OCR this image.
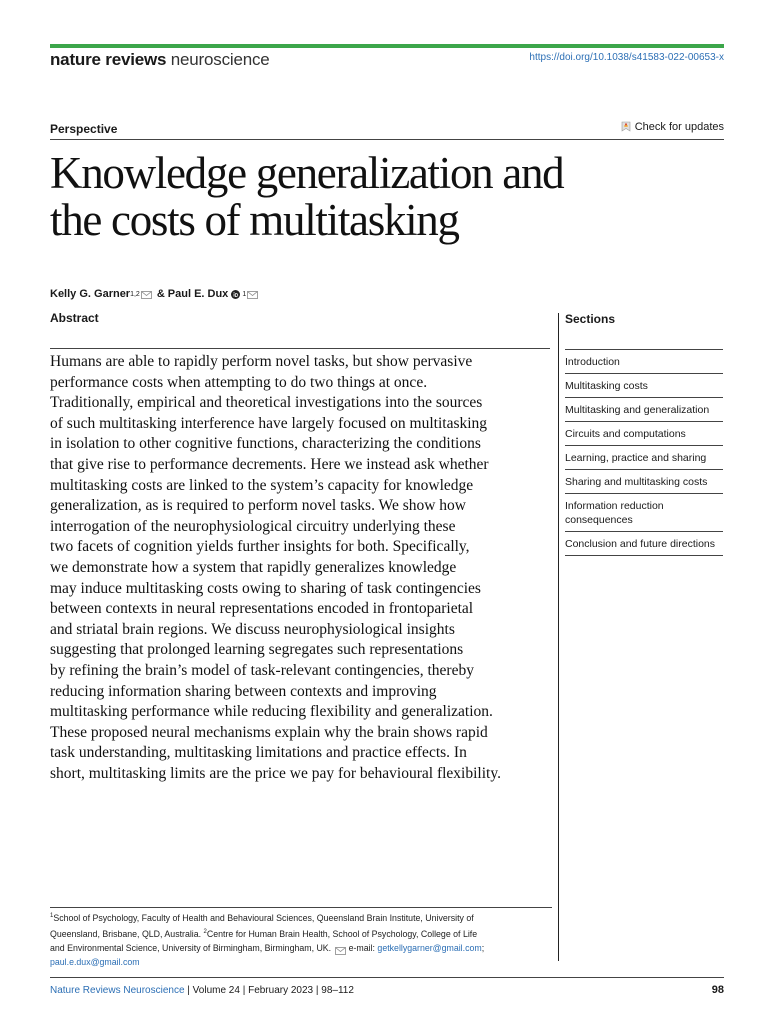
nature reviews neuroscience	https://doi.org/10.1038/s41583-022-00653-x
Perspective	Check for updates
Knowledge generalization and
the costs of multitasking
Kelly G. Garner 1,2 & Paul E. Dux 1
Abstract

Humans are able to rapidly perform novel tasks, but show pervasive
performance costs when attempting to do two things at once.
Traditionally, empirical and theoretical investigations into the sources
of such multitasking interference have largely focused on multitasking
in isolation to other cognitive functions, characterizing the conditions
that give rise to performance decrements. Here we instead ask whether
multitasking costs are linked to the system’s capacity for knowledge
generalization, as is required to perform novel tasks. We show how
interrogation of the neurophysiological circuitry underlying these
two facets of cognition yields further insights for both. Specifically,
we demonstrate how a system that rapidly generalizes knowledge
may induce multitasking costs owing to sharing of task contingencies
between contexts in neural representations encoded in frontoparietal
and striatal brain regions. We discuss neurophysiological insights
suggesting that prolonged learning segregates such representations
by refining the brain’s model of task-relevant contingencies, thereby
reducing information sharing between contexts and improving
multitasking performance while reducing flexibility and generalization.
These proposed neural mechanisms explain why the brain shows rapid
task understanding, multitasking limitations and practice effects. In
short, multitasking limits are the price we pay for behavioural flexibility.

Sections
Introduction
Multitasking costs
Multitasking and generalization
Circuits and computations
Learning, practice and sharing
Sharing and multitasking costs
Information reduction consequences
Conclusion and future directions
$^1$School of Psychology, Faculty of Health and Behavioural Sciences, Queensland Brain Institute, University of
Queensland, Brisbane, QLD, Australia. $^2$Centre for Human Brain Health, School of Psychology, College of Life
and Environmental Science, University of Birmingham, Birmingham, UK. e-mail: getkellygarner@gmail.com;
paul.e.dux@gmail.com
Nature Reviews Neuroscience | Volume 24 | February 2023 | 98–112	98
